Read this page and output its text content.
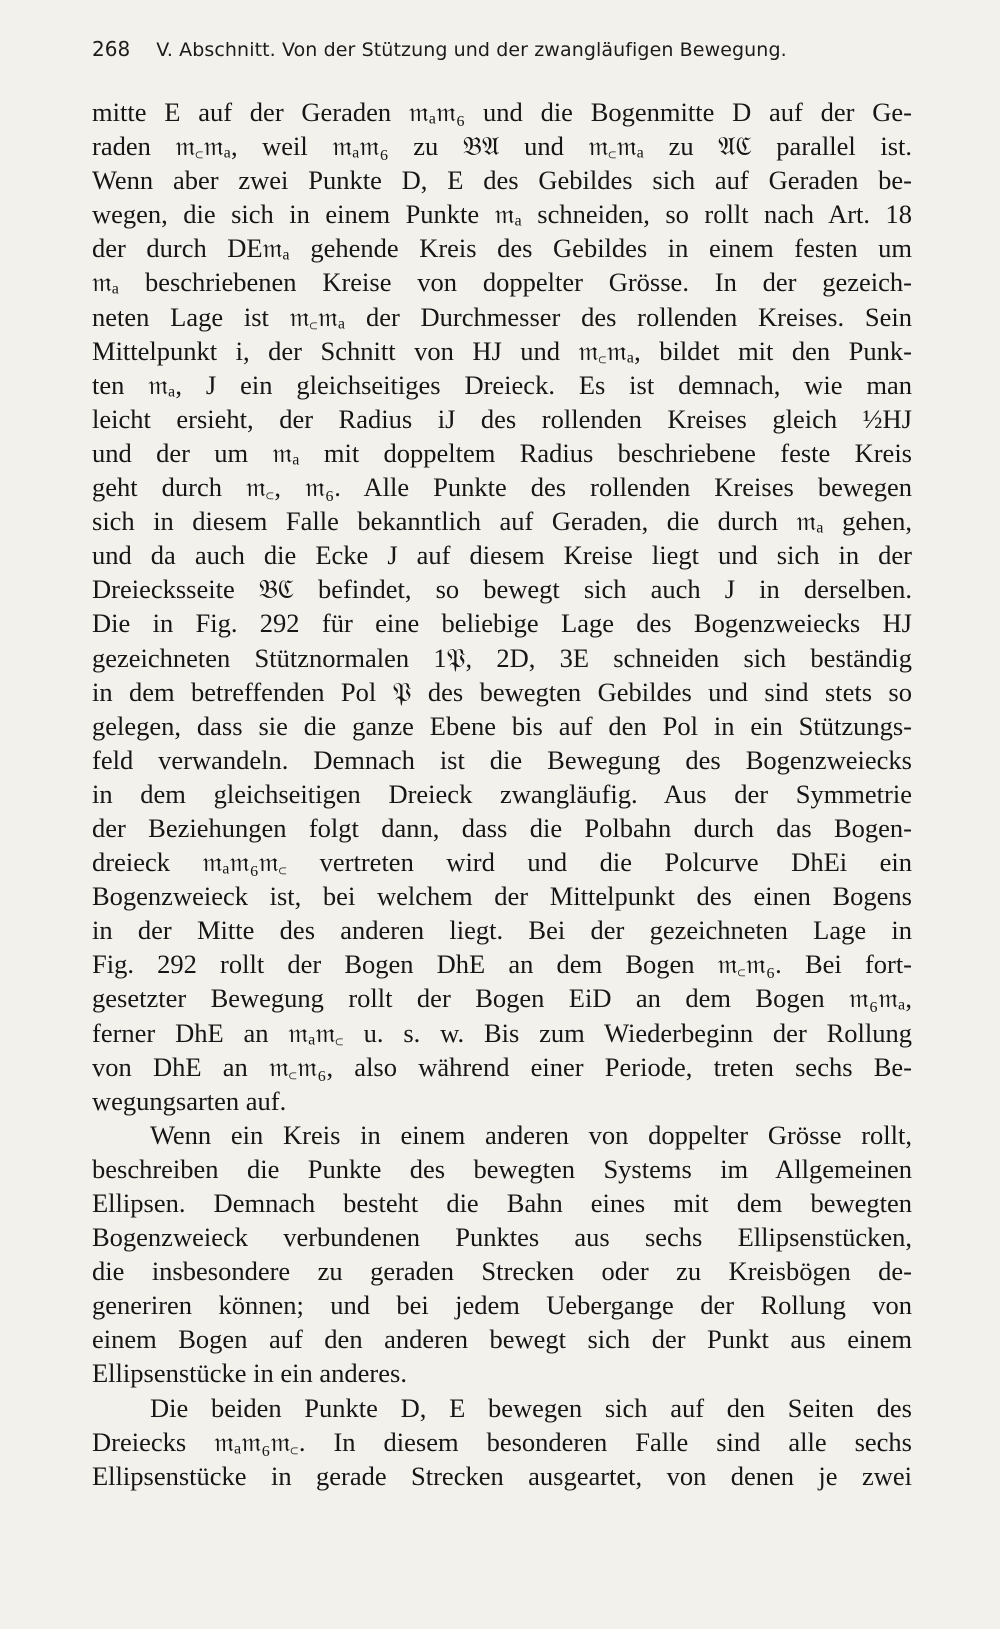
268 V. Abschnitt. Von der Stützung und der zwangläufigen Bewegung.
mitte E auf der Geraden 𝔪ₐ𝔪₆ und die Bogenmitte D auf der Ge-
raden 𝔪꜀𝔪ₐ, weil 𝔪ₐ𝔪₆ zu 𝔅𝔄 und 𝔪꜀𝔪ₐ zu 𝔄ℭ parallel ist.
Wenn aber zwei Punkte D, E des Gebildes sich auf Geraden be-
wegen, die sich in einem Punkte 𝔪ₐ schneiden, so rollt nach Art. 18
der durch DE𝔪ₐ gehende Kreis des Gebildes in einem festen um
𝔪ₐ beschriebenen Kreise von doppelter Grösse. In der gezeich-
neten Lage ist 𝔪꜀𝔪ₐ der Durchmesser des rollenden Kreises. Sein
Mittelpunkt i, der Schnitt von HJ und 𝔪꜀𝔪ₐ, bildet mit den Punk-
ten 𝔪ₐ, J ein gleichseitiges Dreieck. Es ist demnach, wie man
leicht ersieht, der Radius iJ des rollenden Kreises gleich ½HJ
und der um 𝔪ₐ mit doppeltem Radius beschriebene feste Kreis
geht durch 𝔪꜀, 𝔪₆. Alle Punkte des rollenden Kreises bewegen
sich in diesem Falle bekanntlich auf Geraden, die durch 𝔪ₐ gehen,
und da auch die Ecke J auf diesem Kreise liegt und sich in der
Dreiecksseite 𝔅ℭ befindet, so bewegt sich auch J in derselben.
Die in Fig. 292 für eine beliebige Lage des Bogenzweiecks HJ
gezeichneten Stütznormalen 1𝔓, 2D, 3E schneiden sich beständig
in dem betreffenden Pol 𝔓 des bewegten Gebildes und sind stets so
gelegen, dass sie die ganze Ebene bis auf den Pol in ein Stützungs-
feld verwandeln. Demnach ist die Bewegung des Bogenzweiecks
in dem gleichseitigen Dreieck zwangläufig. Aus der Symmetrie
der Beziehungen folgt dann, dass die Polbahn durch das Bogen-
dreieck 𝔪ₐ𝔪₆𝔪꜀ vertreten wird und die Polcurve DhEi ein
Bogenzweieck ist, bei welchem der Mittelpunkt des einen Bogens
in der Mitte des anderen liegt. Bei der gezeichneten Lage in
Fig. 292 rollt der Bogen DhE an dem Bogen 𝔪꜀𝔪₆. Bei fort-
gesetzter Bewegung rollt der Bogen EiD an dem Bogen 𝔪₆𝔪ₐ,
ferner DhE an 𝔪ₐ𝔪꜀ u. s. w. Bis zum Wiederbeginn der Rollung
von DhE an 𝔪꜀𝔪₆, also während einer Periode, treten sechs Be-
wegungsarten auf.
Wenn ein Kreis in einem anderen von doppelter Grösse rollt,
beschreiben die Punkte des bewegten Systems im Allgemeinen
Ellipsen. Demnach besteht die Bahn eines mit dem bewegten
Bogenzweieck verbundenen Punktes aus sechs Ellipsenstücken,
die insbesondere zu geraden Strecken oder zu Kreisbögen de-
generiren können; und bei jedem Uebergange der Rollung von
einem Bogen auf den anderen bewegt sich der Punkt aus einem
Ellipsenstücke in ein anderes.
Die beiden Punkte D, E bewegen sich auf den Seiten des
Dreiecks 𝔪ₐ𝔪₆𝔪꜀. In diesem besonderen Falle sind alle sechs
Ellipsenstücke in gerade Strecken ausgeartet, von denen je zwei
